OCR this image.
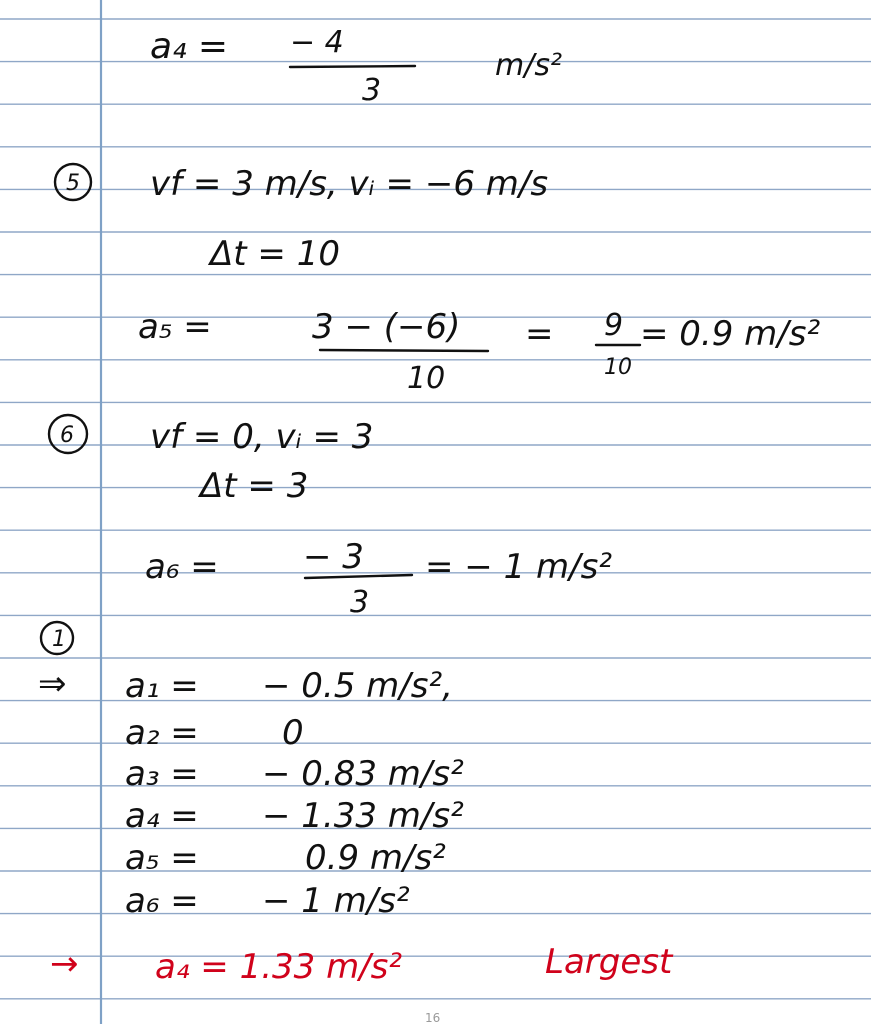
a₄ = − 4
3
m/s²
5 vf = 3 m/s, vᵢ = −6 m/s
Δt = 10
a₅ =	3 − (−6)
10
= 9
10
= 0.9 m/s²
6 vf = 0, vᵢ = 3
Δt = 3
a₆ = − 3
3
= − 1 m/s²
1
⇒ a₁ = − 0.5 m/s²,
a₂ = 0
a₃ = − 0.83 m/s²
a₄ = − 1.33 m/s²
a₅ =	0.9 m/s²
a₆ = − 1 m/s²
→ a₄ = 1.33 m/s²	Largest
16
